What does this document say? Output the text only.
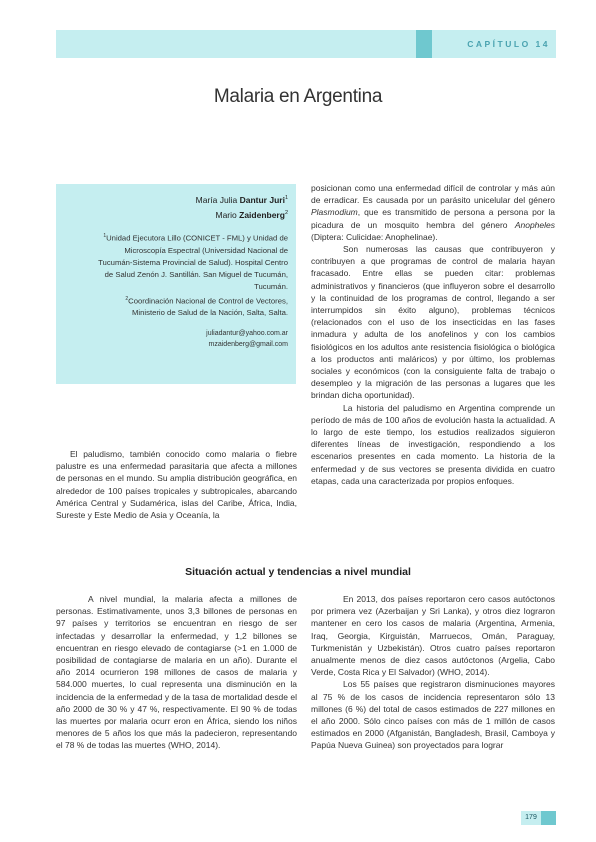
CAPÍTULO 14
Malaria en Argentina
María Julia Dantur Juri$^1$
Mario Zaidenberg$^2$
$^1$Unidad Ejecutora Lillo (CONICET - FML) y Unidad de
Microscopía Espectral (Universidad Nacional de
Tucumán-Sistema Provincial de Salud). Hospital Centro
de Salud Zenón J. Santillán. San Miguel de Tucumán,
Tucumán.
$^2$Coordinación Nacional de Control de Vectores,
Ministerio de Salud de la Nación, Salta, Salta.
juliadantur@yahoo.com.ar
mzaidenberg@gmail.com

El paludismo, también conocido como malaria o fiebre palustre es una enfermedad parasitaria que afecta a millones de personas en el mundo. Su amplia distribución geográfica, en alrededor de 100 países tropicales y subtropicales, abarcando América Central y Sudamérica, islas del Caribe, África, India, Sureste y Este Medio de Asia y Oceanía, la

posicionan como una enfermedad difícil de controlar y más aún de erradicar. Es causada por un parásito unicelular del género Plasmodium, que es transmitido de persona a persona por la picadura de un mosquito hembra del género Anopheles (Diptera: Culicidae: Anophelinae).

Son numerosas las causas que contribuyeron y contribuyen a que programas de control de malaria hayan fracasado. Entre ellas se pueden citar: problemas administrativos y financieros (que influyeron sobre el desarrollo y la continuidad de los programas de control, llegando a ser interrumpidos sin éxito alguno), problemas técnicos (relacionados con el uso de los insecticidas en las fases inmadura y adulta de los anofelinos y con los cambios fisiológicos en los adultos ante resistencia fisiológica o biológica a los productos anti maláricos) y por último, los problemas sociales y económicos (con la consiguiente falta de trabajo o desempleo y la migración de las personas a lugares que les brindan dicha oportunidad).

La historia del paludismo en Argentina comprende un período de más de 100 años de evolución hasta la actualidad. A lo largo de este tiempo, los estudios realizados siguieron diferentes líneas de investigación, respondiendo a los escenarios presentes en cada momento. La historia de la enfermedad y de sus vectores se presenta dividida en cuatro etapas, cada una caracterizada por propios enfoques.

Situación actual y tendencias a nivel mundial

A nivel mundial, la malaria afecta a millones de personas. Estimativamente, unos 3,3 billones de personas en 97 países y territorios se encuentran en riesgo de ser infectadas y desarrollar la enfermedad, y 1,2 billones se encuentran en riesgo elevado de contagiarse (>1 en 1.000 de posibilidad de contagiarse de malaria en un año). Durante el año 2014 ocurrieron 198 millones de casos de malaria y 584.000 muertes, lo cual representa una disminución en la incidencia de la enfermedad y de la tasa de mortalidad desde el año 2000 de 30 % y 47 %, respectivamente. El 90 % de todas las muertes por malaria ocurr eron en África, siendo los niños menores de 5 años los que más la padecieron, representando el 78 % de todas las muertes (WHO, 2014).

En 2013, dos países reportaron cero casos autóctonos por primera vez (Azerbaijan y Sri Lanka), y otros diez lograron mantener en cero los casos de malaria (Argentina, Armenia, Iraq, Georgia, Kirguistán, Marruecos, Omán, Paraguay, Turkmenistán y Uzbekistán). Otros cuatro países reportaron anualmente menos de diez casos autóctonos (Argelia, Cabo Verde, Costa Rica y El Salvador) (WHO, 2014).

Los 55 países que registraron disminuciones mayores al 75 % de los casos de incidencia representaron sólo 13 millones (6 %) del total de casos estimados de 227 millones en el año 2000. Sólo cinco países con más de 1 millón de casos estimados en 2000 (Afganistán, Bangladesh, Brasil, Camboya y Papúa Nueva Guinea) son proyectados para lograr

179
